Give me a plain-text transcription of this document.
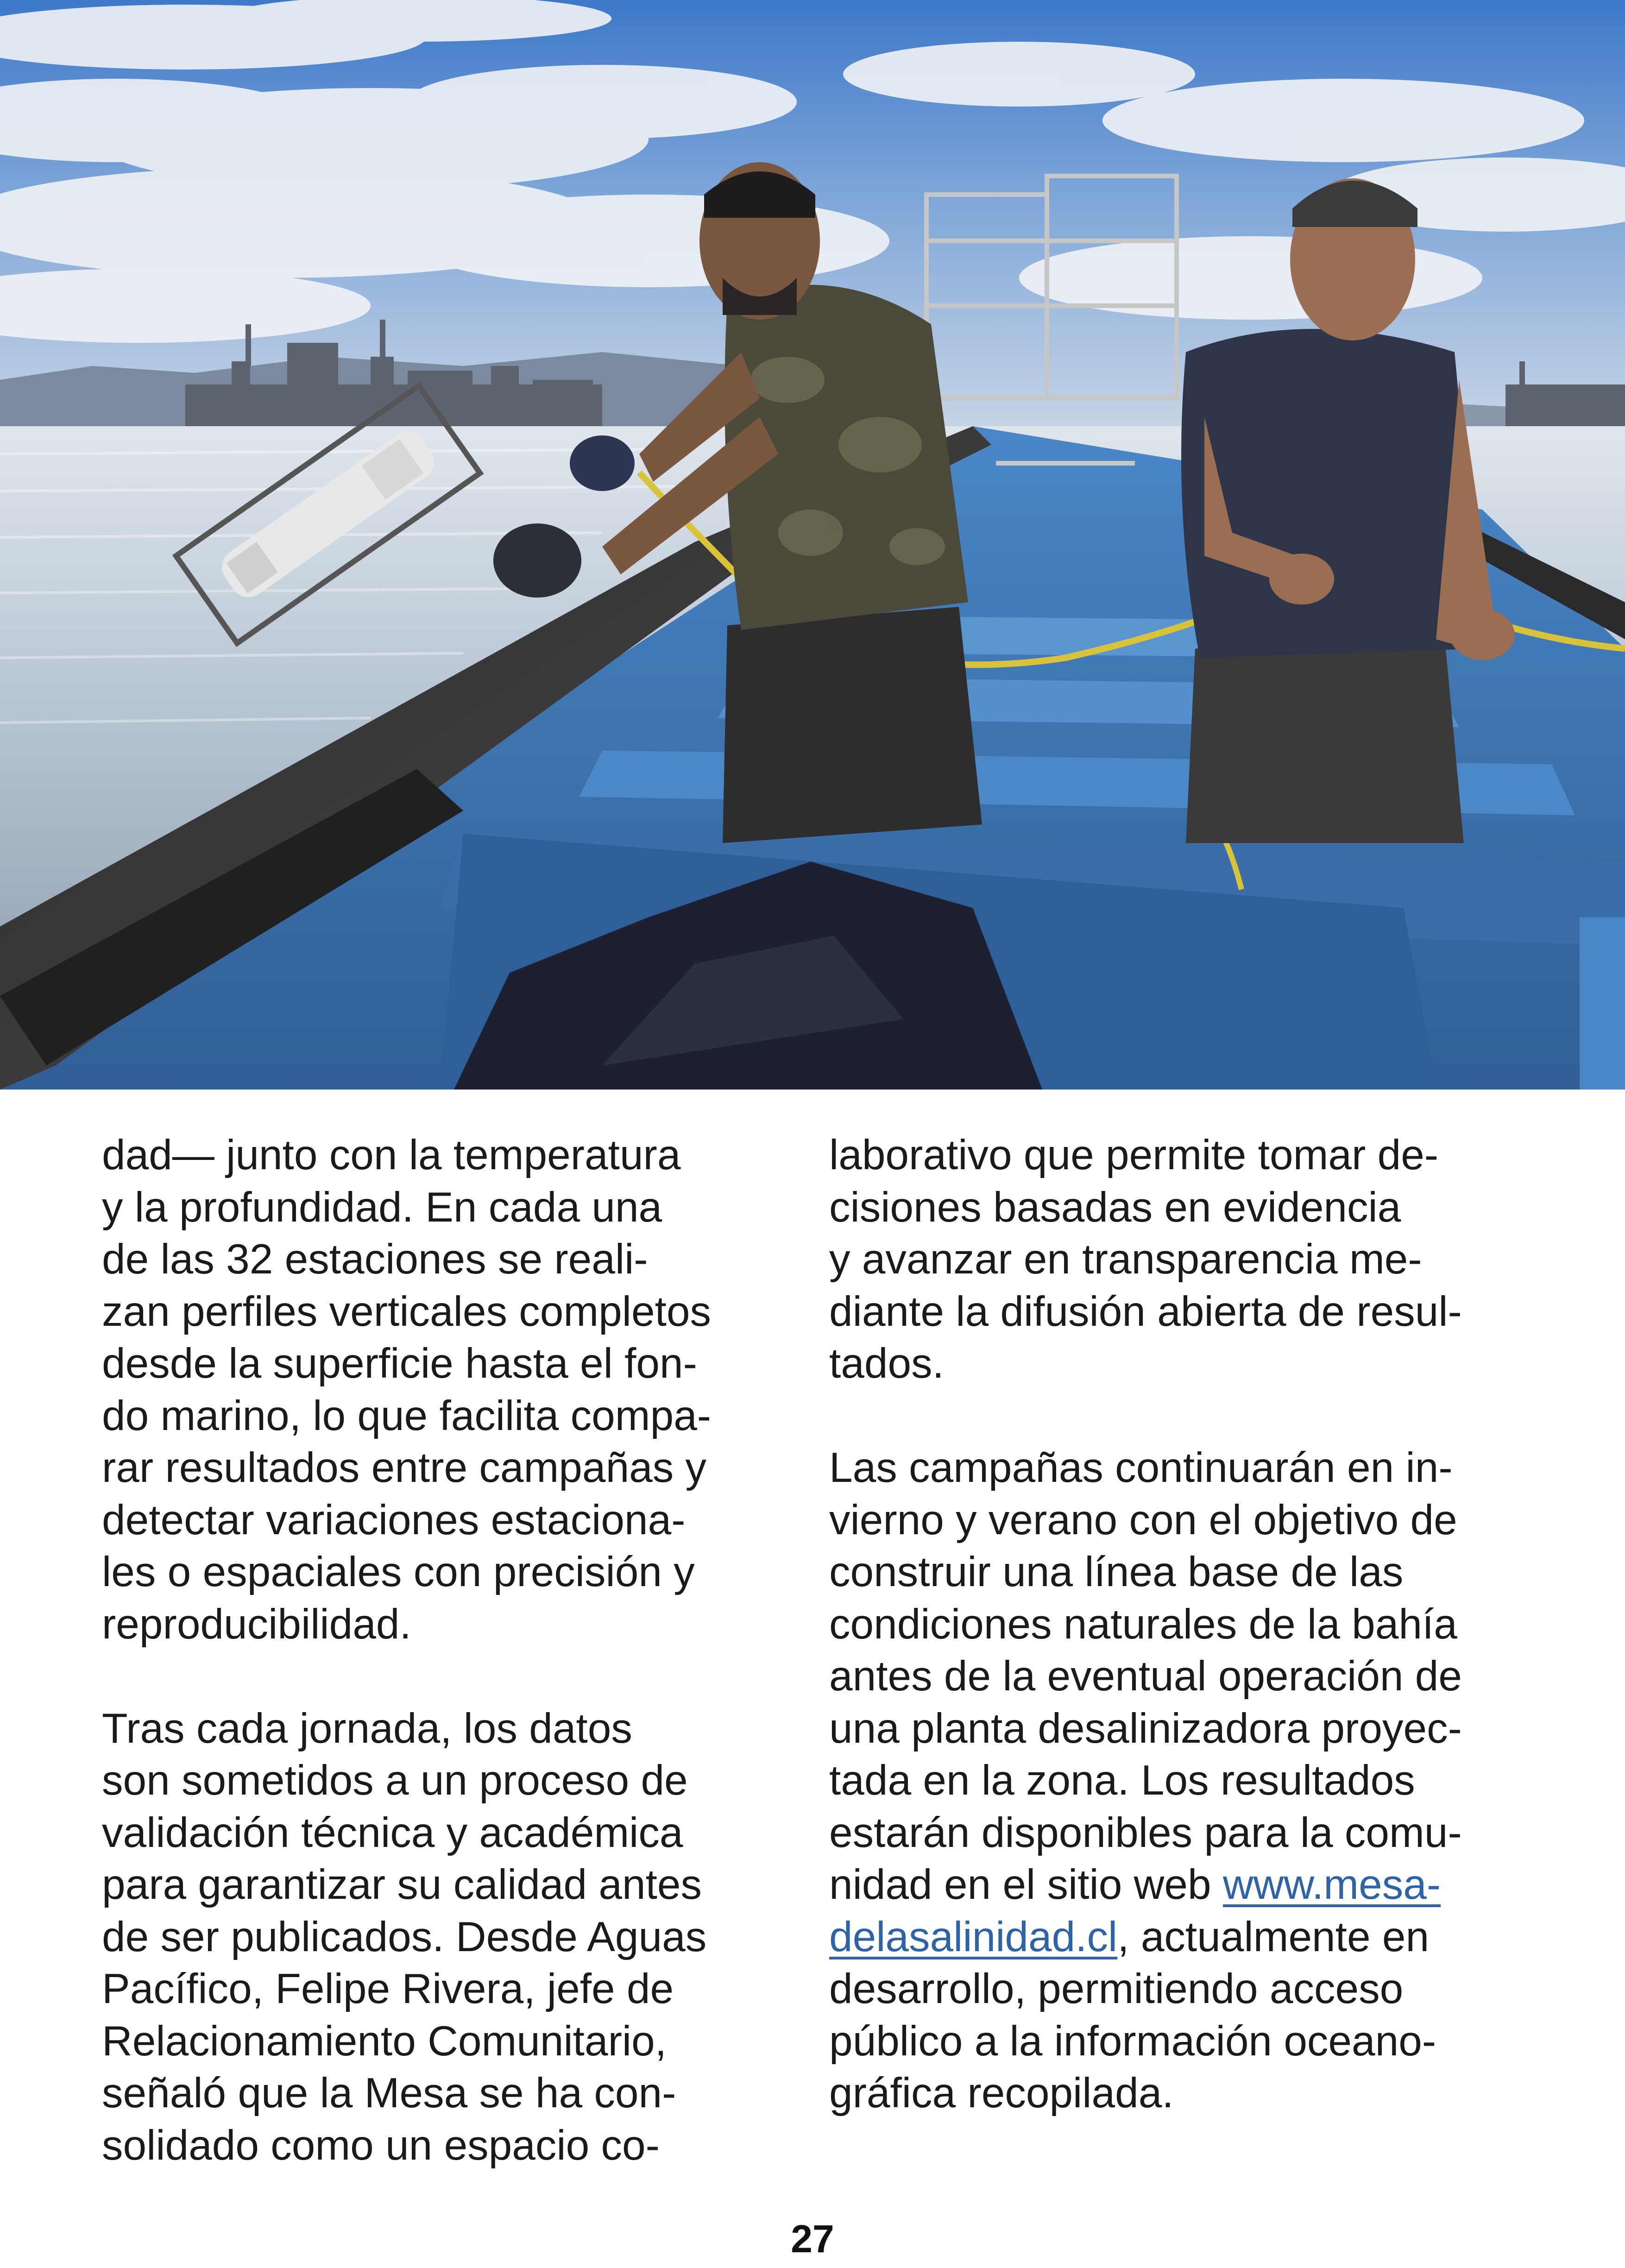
dad— junto con la temperatura
y la profundidad. En cada una
de las 32 estaciones se reali-
zan perfiles verticales completos
desde la superficie hasta el fon-
do marino, lo que facilita compa-
rar resultados entre campañas y
detectar variaciones estaciona-
les o espaciales con precisión y
reproducibilidad.
Tras cada jornada, los datos
son sometidos a un proceso de
validación técnica y académica
para garantizar su calidad antes
de ser publicados. Desde Aguas
Pacífico, Felipe Rivera, jefe de
Relacionamiento Comunitario,
señaló que la Mesa se ha con-
solidado como un espacio co-
laborativo que permite tomar de-
cisiones basadas en evidencia
y avanzar en transparencia me-
diante la difusión abierta de resul-
tados.
Las campañas continuarán en in-
vierno y verano con el objetivo de
construir una línea base de las
condiciones naturales de la bahía
antes de la eventual operación de
una planta desalinizadora proyec-
tada en la zona. Los resultados
estarán disponibles para la comu-
nidad en el sitio web www.mesa-
delasalinidad.cl, actualmente en
desarrollo, permitiendo acceso
público a la información oceano-
gráfica recopilada.
27
